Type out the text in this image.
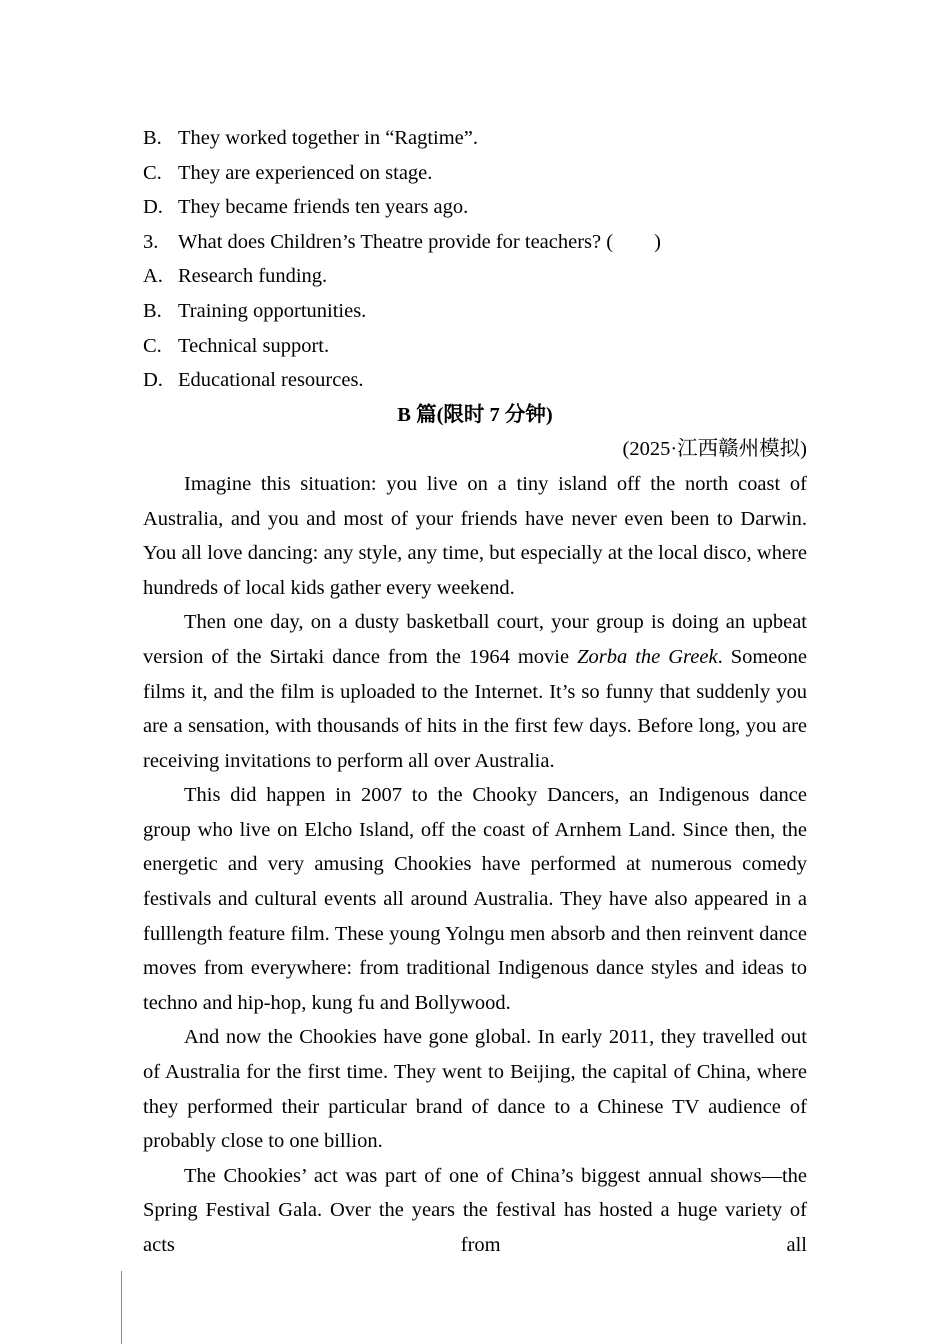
B. They worked together in “Ragtime”.

C. They are experienced on stage.

D. They became friends ten years ago.

3. What does Children’s Theatre provide for teachers? (        )

A. Research funding.

B. Training opportunities.

C. Technical support.

D. Educational resources.

B 篇(限时 7 分钟)

(2025·江西赣州模拟)

Imagine this situation: you live on a tiny island off the north coast of Australia, and you and most of your friends have never even been to Darwin. You all love dancing: any style, any time, but especially at the local disco, where hundreds of local kids gather every weekend.

Then one day, on a dusty basketball court, your group is doing an upbeat version of the Sirtaki dance from the 1964 movie Zorba the Greek. Someone films it, and the film is uploaded to the Internet. It’s so funny that suddenly you are a sensation, with thousands of hits in the first few days. Before long, you are receiving invitations to perform all over Australia.

This did happen in 2007 to the Chooky Dancers, an Indigenous dance group who live on Elcho Island, off the coast of Arnhem Land. Since then, the energetic and very amusing Chookies have performed at numerous comedy festivals and cultural events all around Australia. They have also appeared in a fulllength feature film. These young Yolngu men absorb and then reinvent dance moves from everywhere: from traditional Indigenous dance styles and ideas to techno and hip-hop, kung fu and Bollywood.

And now the Chookies have gone global. In early 2011, they travelled out of Australia for the first time. They went to Beijing, the capital of China, where they performed their particular brand of dance to a Chinese TV audience of probably close to one billion.

The Chookies’ act was part of one of China’s biggest annual shows—the Spring Festival Gala. Over the years the festival has hosted a huge variety of acts from all
